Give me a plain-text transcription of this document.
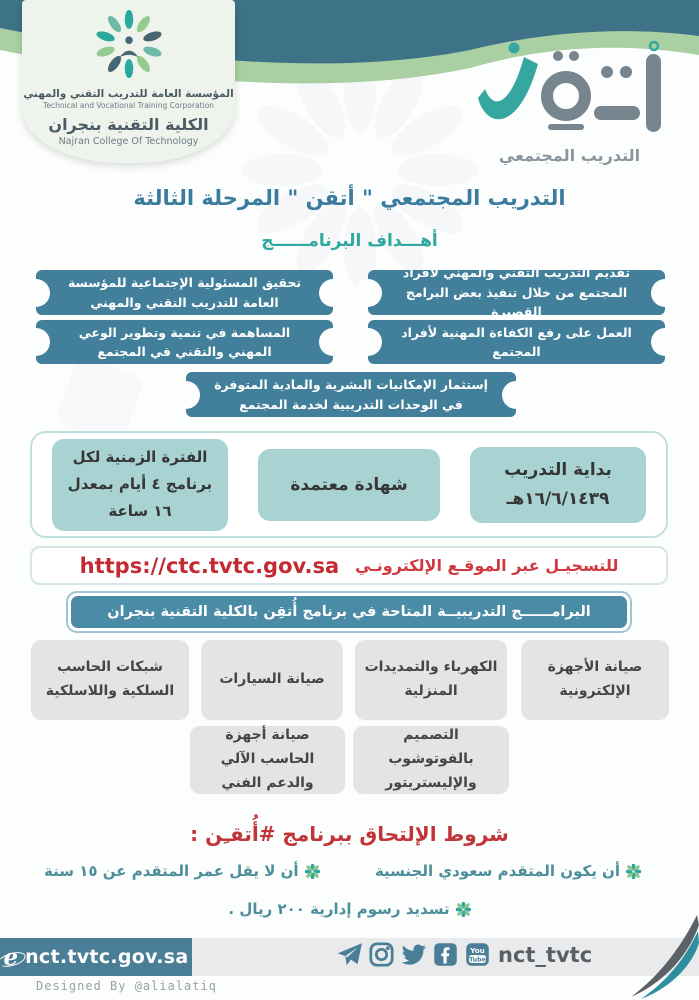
المؤسسة العامة للتدريب التقني والمهني
Technical and Vocational Training Corporation
الكلية التقنية بنجران
Najran College Of Technology
التدريب المجتمعي
التدريب المجتمعي " أتقن " المرحلة الثالثة
أهـــداف البرنامــــــج
تقديم التدريب التقني والمهني لأفراد المجتمع من خلال تنفيذ بعض البرامج القصيرة
تحقيق المسئولية الإجتماعية للمؤسسة العامة للتدريب التقني والمهني
العمل على رفع الكفاءة المهنية لأفراد المجتمع
المساهمة في تنمية وتطوير الوعي المهني والتقني في المجتمع
إستثمار الإمكانيات البشرية والمادية المتوفرة في الوحدات التدريبية لخدمة المجتمع
بداية التدريب
١٦/٦/١٤٣٩هـ
شهادة معتمدة
الفترة الزمنية لكل برنامج ٤ أيام بمعدل ١٦ ساعة
للتسجيـل عبر الموقـع الإلكترونـي
https://ctc.tvtc.gov.sa
البرامــــــج التدريبيــة المتاحة في برنامج أُتقِن بالكلية التقنية بنجران
صيانة الأجهزة الإلكترونية
الكهرباء والتمديدات المنزلية
صيانة السيارات
شبكات الحاسب السلكية واللاسلكية
التصميم بالفوتوشوب والإليستريتور
صيانة أجهزة الحاسب الآلي والدعم الفني
شروط الإلتحاق ببرنامج #أُتقـِن :
أن يكون المتقدم سعودي الجنسية
أن لا يقل عمر المتقدم عن ١٥ سنة
تسديد رسوم إدارية ٢٠٠ ريال .
e nct.tvtc.gov.sa	You
Tube nct_tvtc
Designed By @alialatiq
